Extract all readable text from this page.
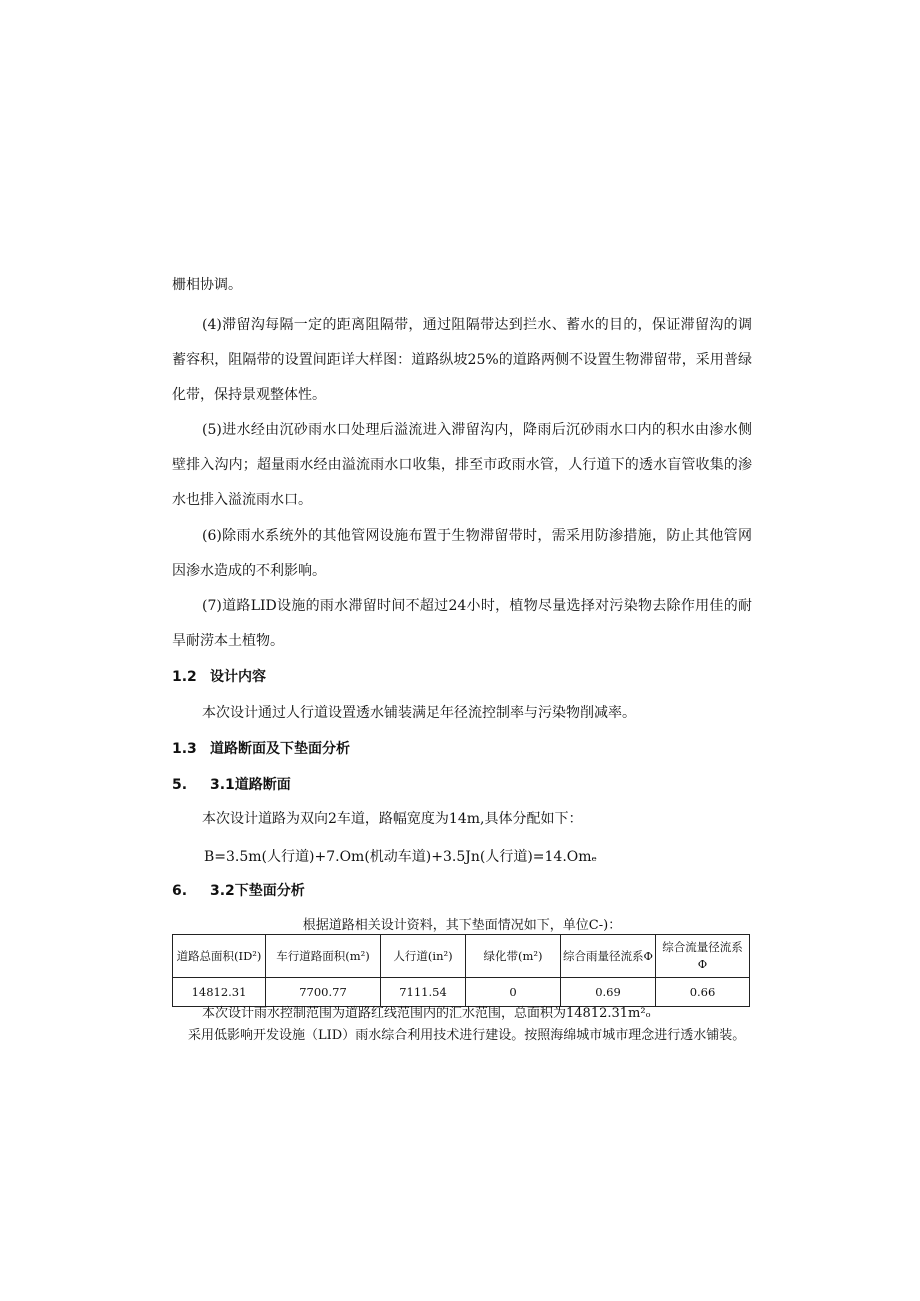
栅相协调。

(4)滞留沟每隔一定的距离阻隔带，通过阻隔带达到拦水、蓄水的目的，保证滞留沟的调蓄容积，阻隔带的设置间距详大样图：道路纵坡25%的道路两侧不设置生物滞留带，采用普绿化带，保持景观整体性。

(5)进水经由沉砂雨水口处理后溢流进入滞留沟内，降雨后沉砂雨水口内的积水由渗水侧壁排入沟内；超量雨水经由溢流雨水口收集，排至市政雨水管，人行道下的透水盲管收集的渗水也排入溢流雨水口。

(6)除雨水系统外的其他管网设施布置于生物滞留带时，需采用防渗措施，防止其他管网因渗水造成的不利影响。

(7)道路LID设施的雨水滞留时间不超过24小时，植物尽量选择对污染物去除作用佳的耐旱耐涝本土植物。

1.2 设计内容

本次设计通过人行道设置透水铺装满足年径流控制率与污染物削减率。

1.3 道路断面及下垫面分析
5. 3.1道路断面

本次设计道路为双向2车道，路幅宽度为14m,具体分配如下：

B=3.5m(人行道)+7.Om(机动车道)+3.5Jn(人行道)=14.Omₑ

6. 3.2下垫面分析

根据道路相关设计资料，其下垫面情况如下，单位C-)：

道路总面积(ID²)	车行道路面积(m²)	人行道(in²)	绿化带(m²)	综合雨量径流系Φ	综合流量径流系Φ
14812.31	7700.77	7111.54	0	0.69	0.66

本次设计雨水控制范围为道路红线范围内的汇水范围，总面积为14812.31m²ₒ

采用低影响开发设施（LID）雨水综合利用技术进行建设。按照海绵城市城市理念进行透水铺装。
